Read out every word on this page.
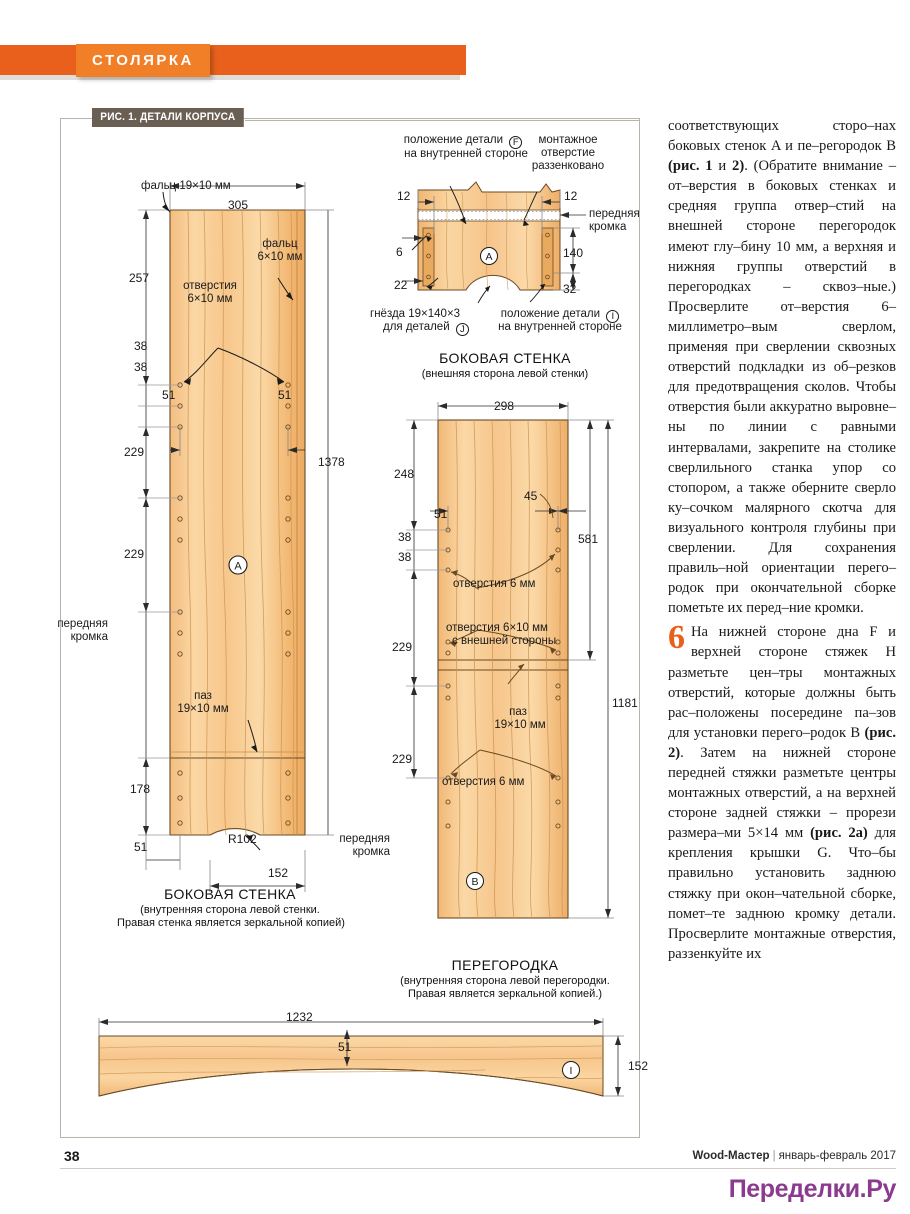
СТОЛЯРКА
РИС. 1. ДЕТАЛИ КОРПУСА
A
фальц 19×10 мм
305
фальц
6×10 мм
257
отверстия
6×10 мм
38
38
51	51
229
1378
229
передняя
кромка
паз
19×10 мм
178
R102
51
152
БОКОВАЯ СТЕНКА
(внутренняя сторона левой стенки.
Правая стенка является зеркальной копией)
A
положение детали F
на внутренней стороне
монтажное
отверстие
раззенковано
12	12
передняя
кромка
6	140
22	32
гнёзда 19×140×3
для деталей J
положение детали I
на внутренней стороне
БОКОВАЯ СТЕНКА
(внешняя сторона левой стенки)
B
298
248
45
51
38
38
581
отверстия 6 мм
отверстия 6×10 мм
с внешней стороны
229
1181
паз
19×10 мм
229
отверстия 6 мм
передняя
кромка
ПЕРЕГОРОДКА
(внутренняя сторона левой перегородки.
Правая является зеркальной копией.)
I
1232
51
152

соответствующих сторо–нах боковых стенок A и пе–регородок B (рис. 1 и 2). (Обратите внимание – от–верстия в боковых стенках и средняя группа отвер–стий на внешней стороне перегородок имеют глу–бину 10 мм, а верхняя и нижняя группы отверстий в перегородках – сквоз–ные.) Просверлите от–верстия 6–миллиметро–вым сверлом, применяя при сверлении сквозных отверстий подкладки из об–резков для предотвращения сколов. Чтобы отверстия были аккуратно выровне–ны по линии с равными интервалами, закрепите на столике сверлильного станка упор со стопором, а также оберните сверло ку–сочком малярного скотча для визуального контроля глубины при сверлении. Для сохранения правиль–ной ориентации перего–родок при окончательной сборке пометьте их перед–ние кромки.

6 На нижней стороне дна F и верхней стороне стяжек H разметьте цен–тры монтажных отверстий, которые должны быть рас–положены посередине па–зов для установки перего–родок B (рис. 2). Затем на нижней стороне передней стяжки разметьте центры монтажных отверстий, а на верхней стороне задней стяжки – прорези размера–ми 5×14 мм (рис. 2a) для крепления крышки G. Что–бы правильно установить заднюю стяжку при окон–чательной сборке, помет–те заднюю кромку детали. Просверлите монтажные отверстия, раззенкуйте их

38	Wood-Мастер | январь-февраль 2017
Переделки.Ру
